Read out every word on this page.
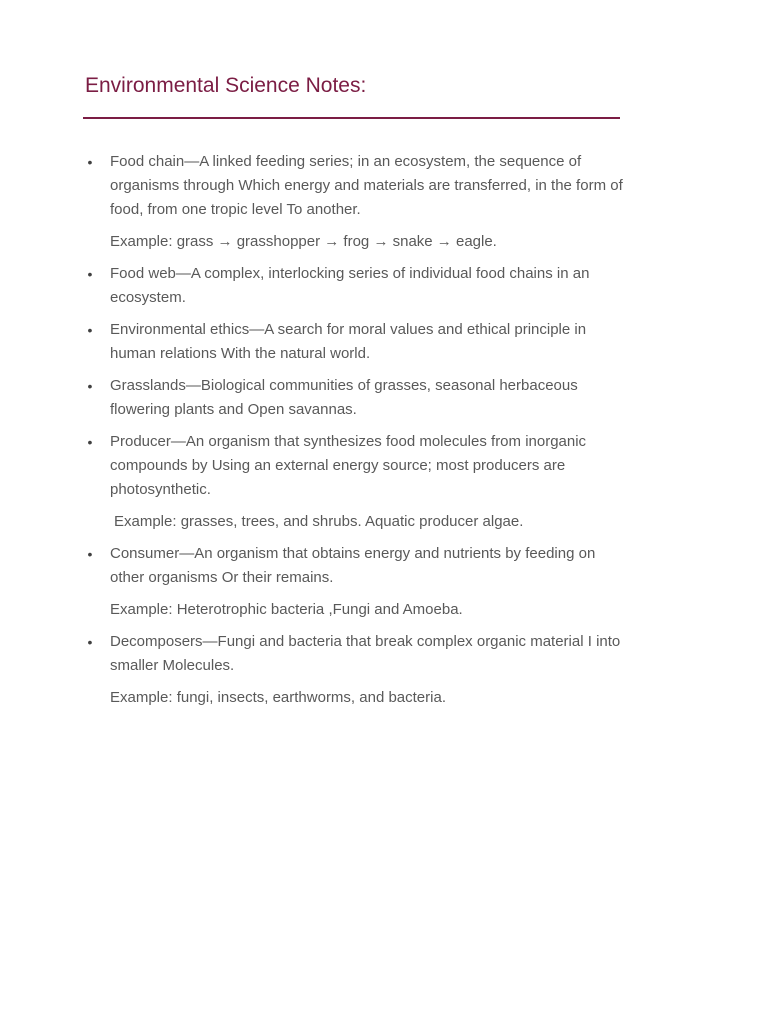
Environmental Science Notes:
• Food chain—A linked feeding series; in an ecosystem, the sequence of organisms through Which energy and materials are transferred, in the form of food, from one tropic level To another.
Example: grass → grasshopper → frog → snake → eagle.
• Food web—A complex, interlocking series of individual food chains in an ecosystem.
• Environmental ethics—A search for moral values and ethical principle in human relations With the natural world.
• Grasslands—Biological communities of grasses, seasonal herbaceous flowering plants and Open savannas.
• Producer—An organism that synthesizes food molecules from inorganic compounds by Using an external energy source; most producers are photosynthetic.
Example: grasses, trees, and shrubs. Aquatic producer algae.
• Consumer—An organism that obtains energy and nutrients by feeding on other organisms Or their remains.
Example: Heterotrophic bacteria ,Fungi and Amoeba.
• Decomposers—Fungi and bacteria that break complex organic material I into smaller Molecules.
Example: fungi, insects, earthworms, and bacteria.
